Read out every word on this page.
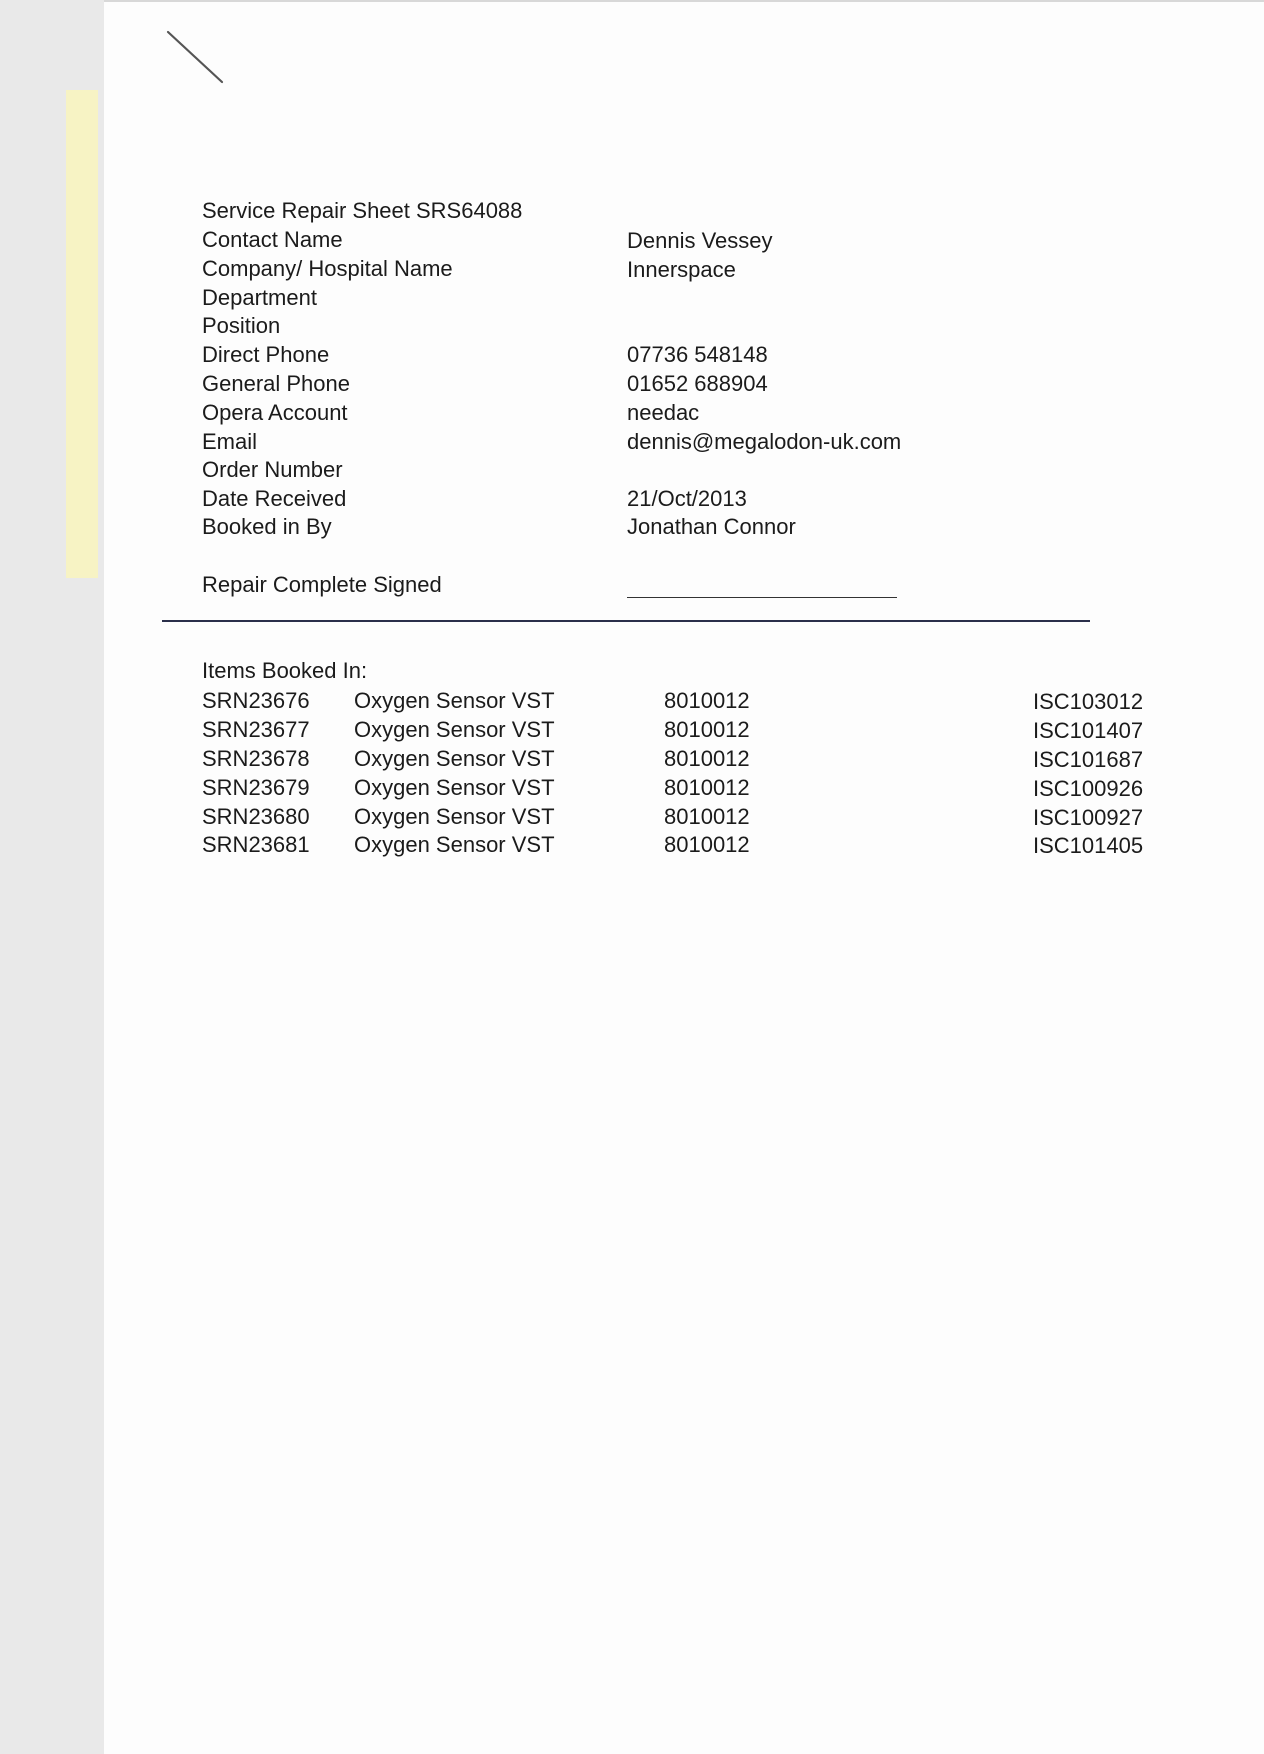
Service Repair Sheet SRS64088
Contact Name	Dennis Vessey
Company/ Hospital Name	Innerspace
Department
Position
Direct Phone	07736 548148
General Phone	01652 688904
Opera Account	needac
Email	dennis@megalodon-uk.com
Order Number
Date Received	21/Oct/2013
Booked in By	Jonathan Connor
Repair Complete Signed
Items Booked In:
SRN23676 Oxygen Sensor VST	8010012	ISC103012
SRN23677 Oxygen Sensor VST	8010012	ISC101407
SRN23678 Oxygen Sensor VST	8010012	ISC101687
SRN23679 Oxygen Sensor VST	8010012	ISC100926
SRN23680 Oxygen Sensor VST	8010012	ISC100927
SRN23681 Oxygen Sensor VST	8010012	ISC101405
